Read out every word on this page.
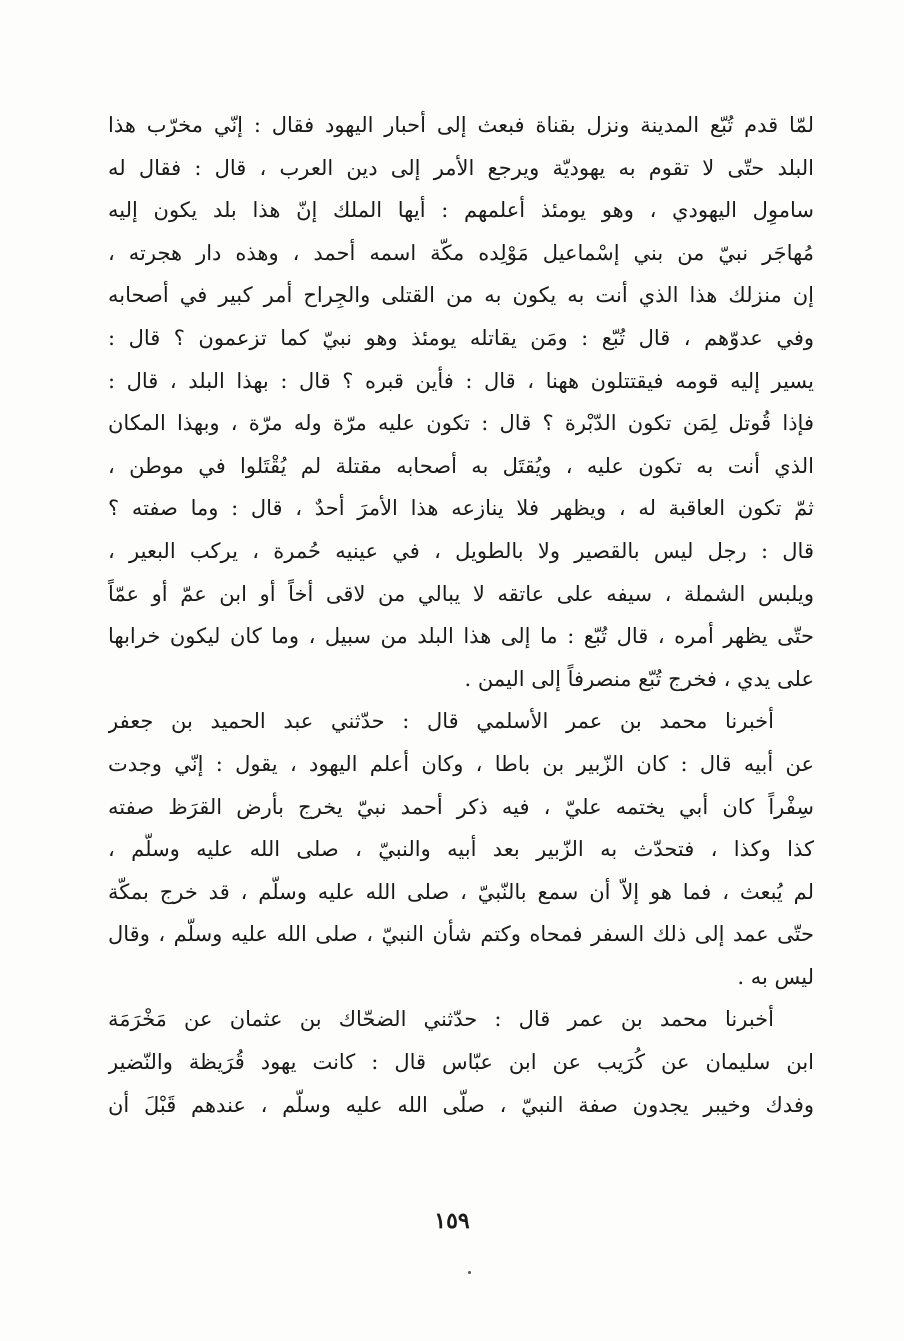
لمّا قدم تُبّع المدينة ونزل بقناة فبعث إلى أحبار اليهود فقال : إنّي مخرّب هذا
البلد حتّى لا تقوم به يهوديّة ويرجع الأمر إلى دين العرب ، قال : فقال له
ساموِل اليهودي ، وهو يومئذ أعلمهم : أيها الملك إنّ هذا بلد يكون إليه
مُهاجَر نبيّ من بني إسْماعيل مَوْلِده مكّة اسمه أحمد ، وهذه دار هجرته ،
إن منزلك هذا الذي أنت به يكون به من القتلى والجِراح أمر كبير في أصحابه
وفي عدوّهم ، قال تُبّع : ومَن يقاتله يومئذ وهو نبيّ كما تزعمون ؟ قال :
يسير إليه قومه فيقتتلون ههنا ، قال : فأين قبره ؟ قال : بهذا البلد ، قال :
فإذا قُوتل لِمَن تكون الدّبْرة ؟ قال : تكون عليه مرّة وله مرّة ، وبهذا المكان
الذي أنت به تكون عليه ، ويُقتَل به أصحابه مقتلة لم يُقْتَلوا في موطن ،
ثمّ تكون العاقبة له ، ويظهر فلا ينازعه هذا الأمرَ أحدٌ ، قال : وما صفته ؟
قال : رجل ليس بالقصير ولا بالطويل ، في عينيه حُمرة ، يركب البعير ،
ويلبس الشملة ، سيفه على عاتقه لا يبالي من لاقى أخاً أو ابن عمّ أو عمّاً
حتّى يظهر أمره ، قال تُبّع : ما إلى هذا البلد من سبيل ، وما كان ليكون خرابها
على يدي ، فخرج تُبّع منصرفاً إلى اليمن .

أخبرنا محمد بن عمر الأسلمي قال : حدّثني عبد الحميد بن جعفر
عن أبيه قال : كان الزّبير بن باطا ، وكان أعلم اليهود ، يقول : إنّي وجدت
سِفْراً كان أبي يختمه عليّ ، فيه ذكر أحمد نبيّ يخرج بأرض القرَظ صفته
كذا وكذا ، فتحدّث به الزّبير بعد أبيه والنبيّ ، صلى الله عليه وسلّم ،
لم يُبعث ، فما هو إلاّ أن سمع بالنّبيّ ، صلى الله عليه وسلّم ، قد خرج بمكّة
حتّى عمد إلى ذلك السفر فمحاه وكتم شأن النبيّ ، صلى الله عليه وسلّم ، وقال
ليس به .

أخبرنا محمد بن عمر قال : حدّثني الضحّاك بن عثمان عن مَخْرَمَة
ابن سليمان عن كُرَيب عن ابن عبّاس قال : كانت يهود قُرَيظة والنّضير
وفدك وخيبر يجدون صفة النبيّ ، صلّى الله عليه وسلّم ، عندهم قَبْلَ أن

١٥٩
